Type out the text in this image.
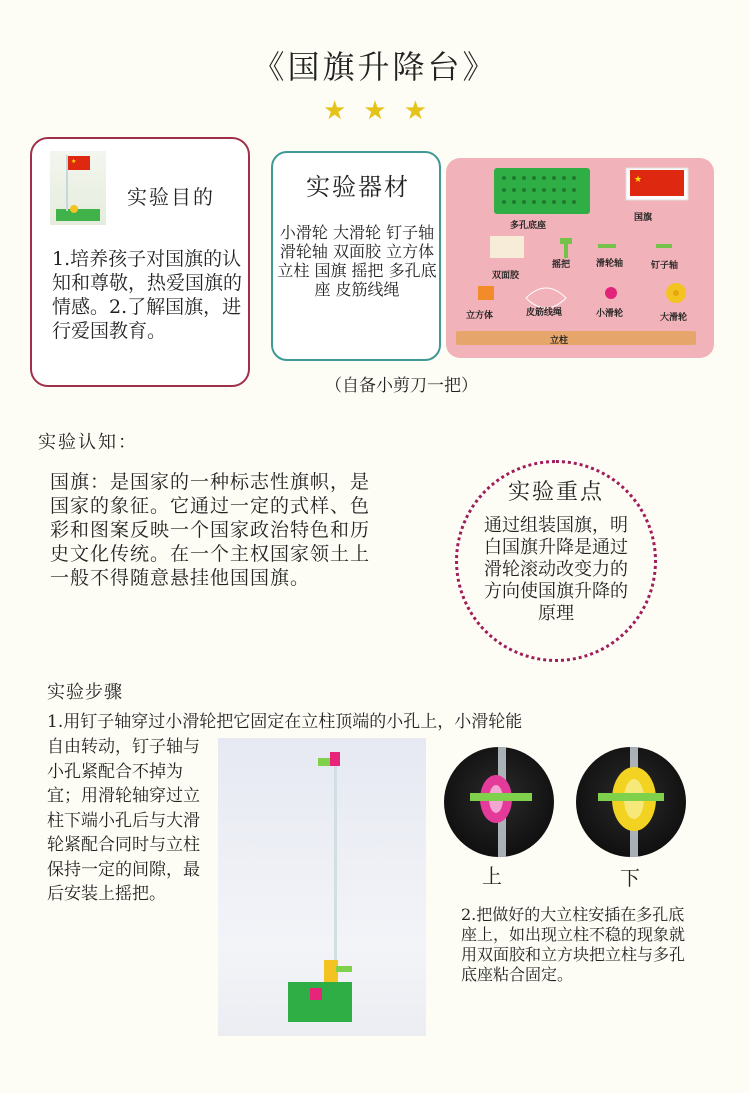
《国旗升降台》
★ ★ ★
★
实验目的
1.培养孩子对国旗的认知和尊敬，热爱国旗的情感。2.了解国旗，进行爱国教育。
实验器材
小滑轮 大滑轮 钉子轴 滑轮轴 双面胶 立方体 立柱 国旗 摇把 多孔底座 皮筋线绳
（自备小剪刀一把）
★
多孔底座
国旗
双面胶
摇把	滑轮轴	钉子轴
立方体	皮筋线绳	小滑轮	大滑轮
立柱
实验认知：
国旗：是国家的一种标志性旗帜，是国家的象征。它通过一定的式样、色彩和图案反映一个国家政治特色和历史文化传统。在一个主权国家领土上一般不得随意悬挂他国国旗。
实验重点
通过组装国旗，明白国旗升降是通过滑轮滚动改变力的方向使国旗升降的原理
实验步骤
1.用钉子轴穿过小滑轮把它固定在立柱顶端的小孔上，小滑轮能
自由转动，钉子轴与小孔紧配合不掉为宜；用滑轮轴穿过立柱下端小孔后与大滑轮紧配合同时与立柱保持一定的间隙，最后安装上摇把。
上	下
2.把做好的大立柱安插在多孔底座上，如出现立柱不稳的现象就用双面胶和立方块把立柱与多孔底座粘合固定。
